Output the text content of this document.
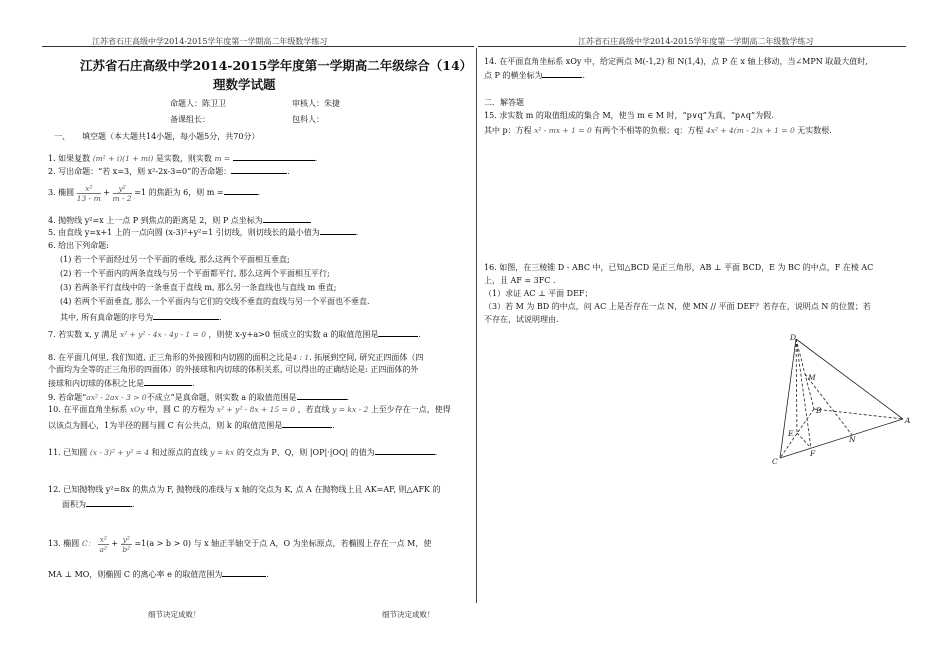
江苏省石庄高级中学2014-2015学年度第一学期高二年级数学练习	江苏省石庄高级中学2014-2015学年度第一学期高二年级数学练习
江苏省石庄高级中学2014-2015学年度第一学期高二年级综合（14）
理数学试题
命题人：陈卫卫	审核人：朱捷
备课组长：	包科人：
一、 填空题（本大题共14小题，每小题5分，共70分）
1. 如果复数 (m² + i)(1 + mi) 是实数，则实数 m =	.
2. 写出命题：“若 x=3，则 x²-2x-3=0”的否命题：	.
3. 椭圆 $\frac{\text{x²}}{13 - m} + \frac{\text{y²}}{m - 2} =1$ 的焦距为 6，则 m =	.
4. 抛物线 y²=x 上一点 P 到焦点的距离是 2，则 P 点坐标为
5. 由直线 y=x+1 上的一点向圆 (x-3)²+y²=1 引切线，则切线长的最小值为	.
6. 给出下列命题:
(1) 若一个平面经过另一个平面的垂线, 那么这两个平面相互垂直;
(2) 若一个平面内的两条直线与另一个平面都平行, 那么这两个平面相互平行;
(3) 若两条平行直线中的一条垂直于直线 m, 那么另一条直线也与直线 m 垂直;
(4) 若两个平面垂直, 那么一个平面内与它们的交线不垂直的直线与另一个平面也不垂直.
其中, 所有真命题的序号为	.
7. 若实数 x, y 满足 x² + y² - 4x - 4y - 1 = 0 ，则使 x-y+a>0 恒成立的实数 a 的取值范围是	.
8. 在平面几何里, 我们知道, 正三角形的外接圆和内切圆的面积之比是4 : 1. 拓展到空间, 研究正四面体（四
个面均为全等的正三角形的四面体）的外接球和内切球的体积关系, 可以得出的正确结论是: 正四面体的外
接球和内切球的体积之比是	.
9. 若命题“ax² - 2ax - 3 > 0不成立”是真命题，则实数 a 的取值范围是	.
10. 在平面直角坐标系 xOy 中，圆 C 的方程为 x² + y² - 8x + 15 = 0 ，若直线 y = kx - 2 上至少存在一点，使得
以该点为圆心，1为半径的圆与圆 C 有公共点，则 k 的取值范围是	.
11. 已知圆 (x - 3)² + y² = 4 和过原点的直线 y = kx 的交点为 P、Q，则 |OP|·|OQ| 的值为	.
12. 已知抛物线 y²=8x 的焦点为 F, 抛物线的准线与 x 轴的交点为 K, 点 A 在抛物线上且 AK=AF, 则△AFK 的
面积为	.
13. 椭圆 C： $\frac{\text{x²}}{\text{a²}} + \frac{\text{y²}}{\text{b²}} =1(a > b > 0)$ 与 x 轴正半轴交于点 A，O 为坐标原点，若椭圆上存在一点 M，使
MA ⊥ MO，则椭圆 C 的离心率 e 的取值范围为	.
14. 在平面直角坐标系 xOy 中，给定两点 M(-1,2) 和 N(1,4)，点 P 在 x 轴上移动，当∠MPN 取最大值时,
点 P 的横坐标为	.
二．解答题
15. 求实数 m 的取值组成的集合 M，使当 m ∈ M 时，“p∨q”为真，“p∧q”为假.
其中 p：方程 x² - mx + 1 = 0 有两个不相等的负根；q：方程 4x² + 4(m - 2)x + 1 = 0 无实数根.
16. 如图，在三棱锥 D - ABC 中，已知△BCD 是正三角形，AB ⊥ 平面 BCD，E 为 BC 的中点，F 在棱 AC
上，且 AF = 3FC .
（1）求证 AC ⊥ 平面 DEF；
（3）若 M 为 BD 的中点，问 AC 上是否存在一点 N，使 MN // 平面 DEF？若存在，说明点 N 的位置；若
不存在，试说明理由.
D
M
B
A
E
N
C
F
细节决定成败！	细节决定成败！
